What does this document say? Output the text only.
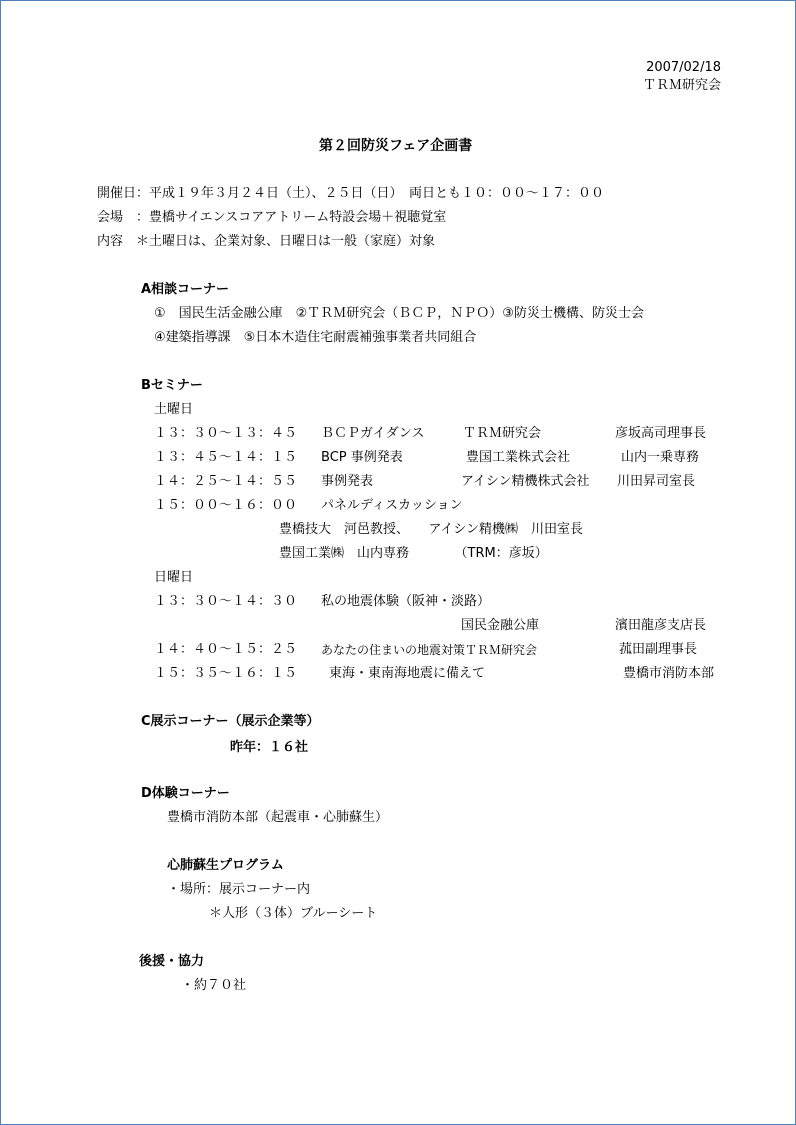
2007/02/18
ＴＲＭ研究会
第２回防災フェア企画書
開催日：平成１９年３月２４日（土）、２５日（日）　両日とも１０：００～１７：００
会場　：豊橋サイエンスコアアトリーム特設会場＋視聴覚室
内容　＊土曜日は、企業対象、日曜日は一般（家庭）対象
A相談コーナー
①　国民生活金融公庫　②ＴＲＭ研究会（ＢＣＰ，ＮＰＯ）③防災士機構、防災士会
④建築指導課　⑤日本木造住宅耐震補強事業者共同組合
Bセミナー
土曜日
１３：３０～１３：４５ ＢＣＰガイダンス	ＴＲＭ研究会	彦坂高司理事長
１３：４５～１４：１５ BCP 事例発表	豊国工業株式会社	山内一乗専務
１４：２５～１４：５５ 事例発表	アイシン精機株式会社 川田昇司室長
１５：００～１６：００ パネルディスカッション
豊橋技大　河邑教授、　　アイシン精機㈱　川田室長
豊国工業㈱　山内専務　　　　（TRM：彦坂）
日曜日
１３：３０～１４：３０ 私の地震体験（阪神・淡路）
国民金融公庫	濱田龍彦支店長
１４：４０～１５：２５ あなたの住まいの地震対策ＴＲＭ研究会	菰田副理事長
１５：３５～１６：１５ 東海・東南海地震に備えて	豊橋市消防本部
C展示コーナー（展示企業等）
昨年：１６社
D体験コーナー
豊橋市消防本部（起震車・心肺蘇生）
心肺蘇生プログラム
・場所：展示コーナー内
＊人形（３体）ブルーシート
後援・協力
・約７０社
